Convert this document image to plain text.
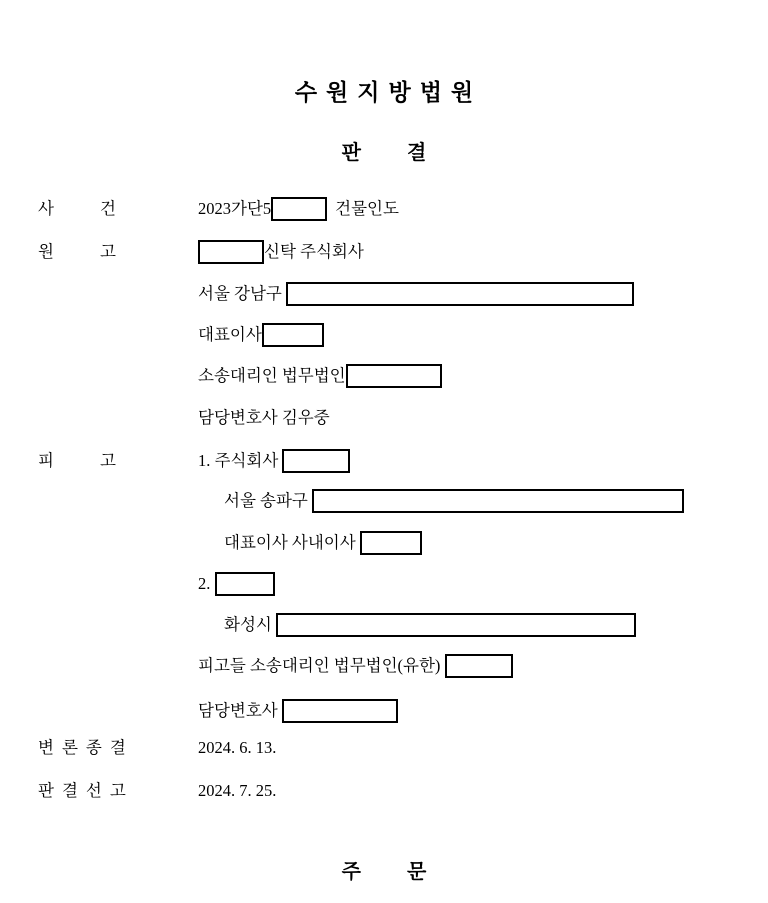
수원지방법원
판결
사건 2023가단5	건물인도
원고	신탁 주식회사
서울 강남구
대표이사
소송대리인 법무법인
담당변호사 김우중
피고 1. 주식회사
서울 송파구
대표이사 사내이사
2.
화성시
피고들 소송대리인 법무법인(유한)
담당변호사
변론종결	2024. 6. 13.
판결선고	2024. 7. 25.
주문
